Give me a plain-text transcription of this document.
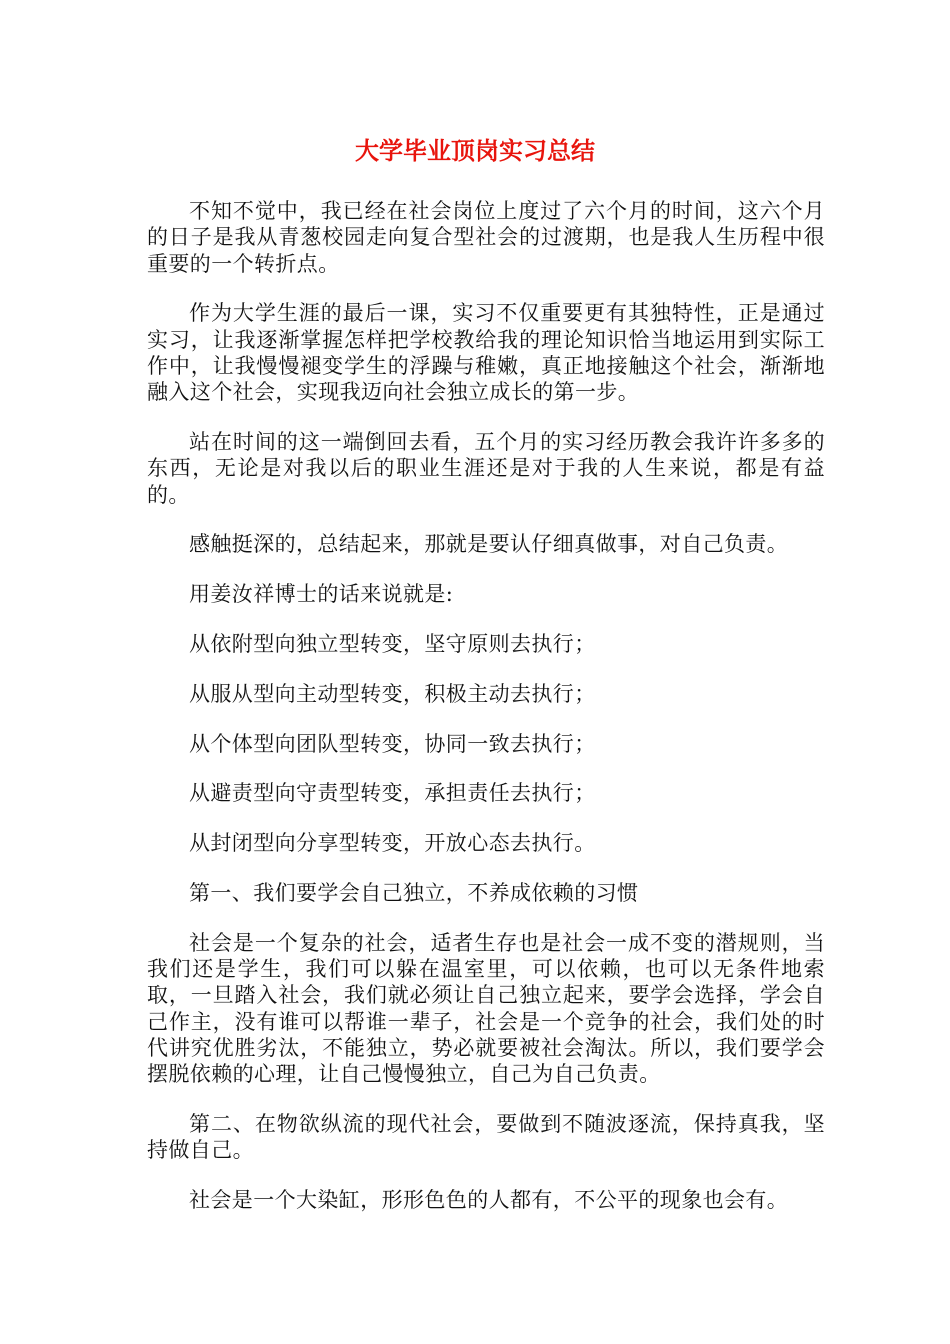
大学毕业顶岗实习总结

不知不觉中，我已经在社会岗位上度过了六个月的时间，这六个月的日子是我从青葱校园走向复合型社会的过渡期，也是我人生历程中很重要的一个转折点。

作为大学生涯的最后一课，实习不仅重要更有其独特性，正是通过实习，让我逐渐掌握怎样把学校教给我的理论知识恰当地运用到实际工作中，让我慢慢褪变学生的浮躁与稚嫩，真正地接触这个社会，渐渐地融入这个社会，实现我迈向社会独立成长的第一步。

站在时间的这一端倒回去看，五个月的实习经历教会我许许多多的东西，无论是对我以后的职业生涯还是对于我的人生来说，都是有益的。

感触挺深的，总结起来，那就是要认仔细真做事，对自己负责。

用姜汝祥博士的话来说就是:

从依附型向独立型转变，坚守原则去执行；

从服从型向主动型转变，积极主动去执行；

从个体型向团队型转变，协同一致去执行；

从避责型向守责型转变，承担责任去执行；

从封闭型向分享型转变，开放心态去执行。

第一、我们要学会自己独立，不养成依赖的习惯

社会是一个复杂的社会，适者生存也是社会一成不变的潜规则，当我们还是学生，我们可以躲在温室里，可以依赖，也可以无条件地索取，一旦踏入社会，我们就必须让自己独立起来，要学会选择，学会自己作主，没有谁可以帮谁一辈子，社会是一个竞争的社会，我们处的时代讲究优胜劣汰，不能独立，势必就要被社会淘汰。所以，我们要学会摆脱依赖的心理，让自己慢慢独立，自己为自己负责。

第二、在物欲纵流的现代社会，要做到不随波逐流，保持真我，坚持做自己。

社会是一个大染缸，形形色色的人都有，不公平的现象也会有。
